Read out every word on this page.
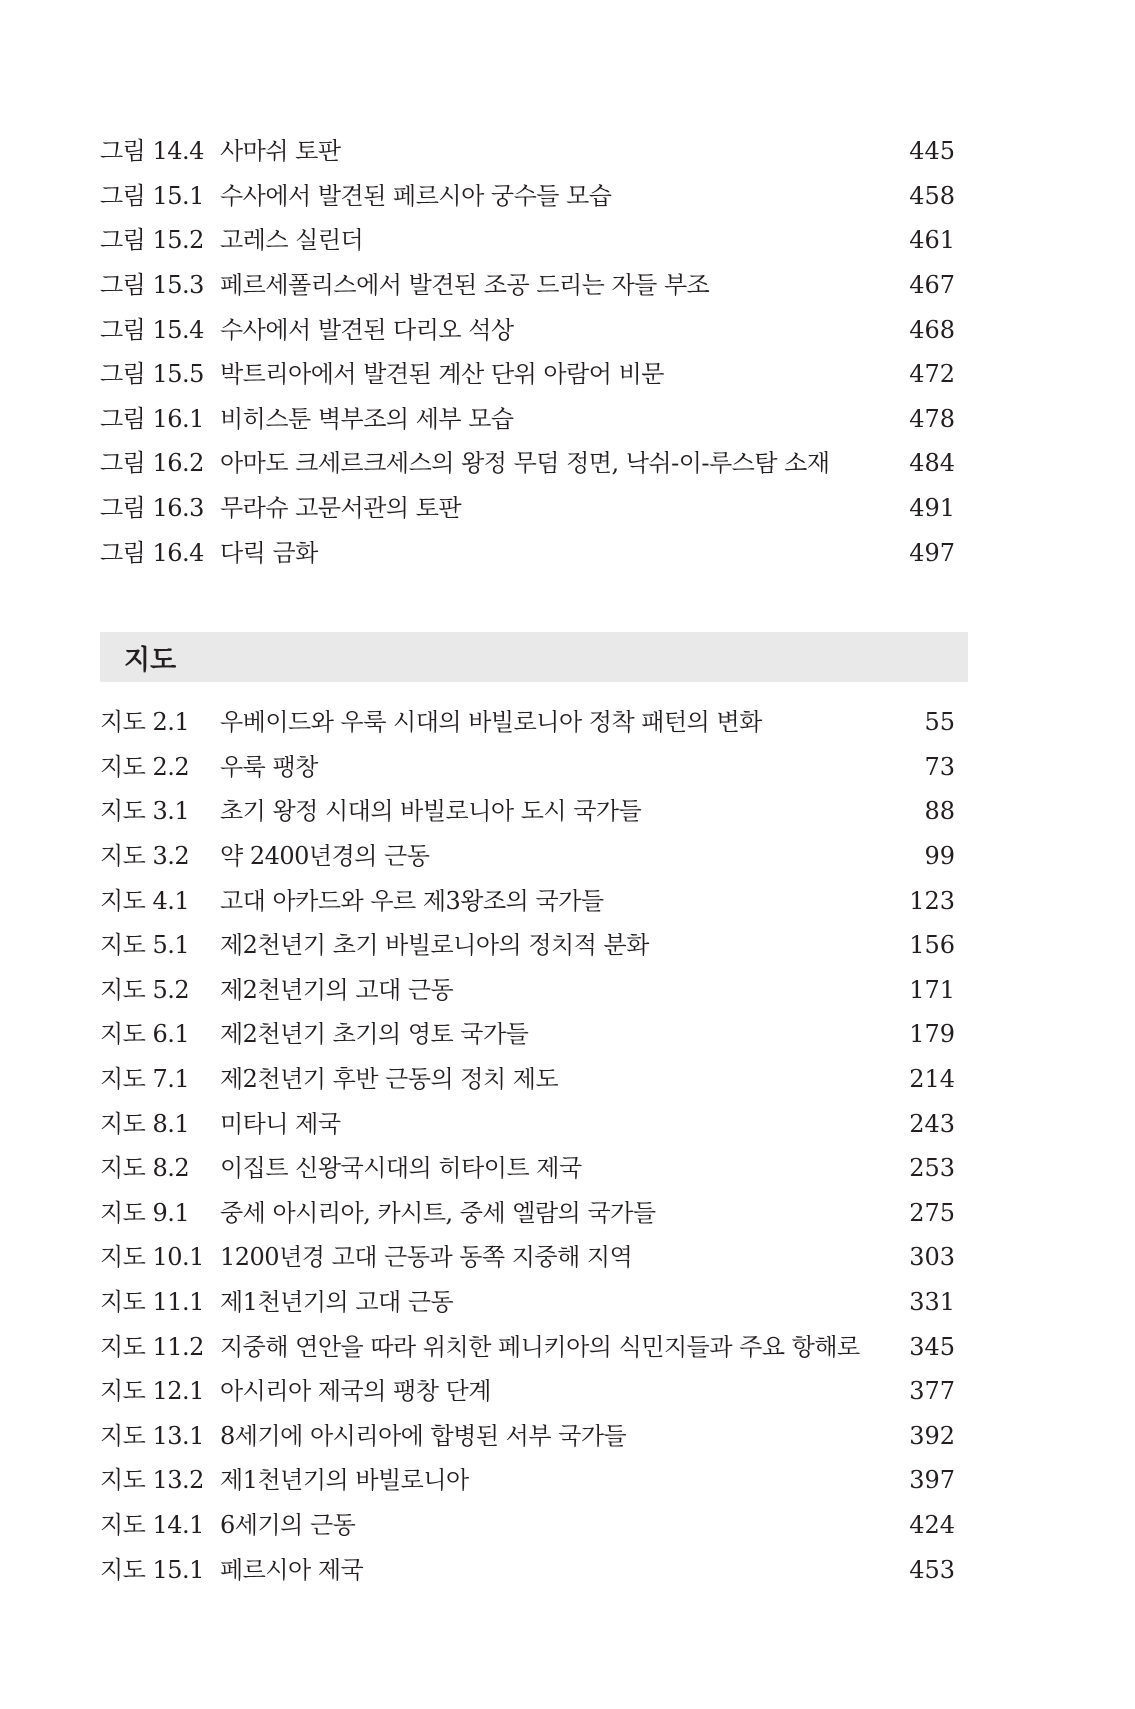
그림 14.4 사마쉬 토판	445
그림 15.1 수사에서 발견된 페르시아 궁수들 모습	458
그림 15.2 고레스 실린더	461
그림 15.3 페르세폴리스에서 발견된 조공 드리는 자들 부조	467
그림 15.4 수사에서 발견된 다리오 석상	468
그림 15.5 박트리아에서 발견된 계산 단위 아람어 비문	472
그림 16.1 비히스툰 벽부조의 세부 모습	478
그림 16.2 아마도 크세르크세스의 왕정 무덤 정면, 낙쉬-이-루스탐 소재	484
그림 16.3 무라슈 고문서관의 토판	491
그림 16.4 다릭 금화	497
지도
지도 2.1	우베이드와 우룩 시대의 바빌로니아 정착 패턴의 변화	55
지도 2.2	우룩 팽창	73
지도 3.1	초기 왕정 시대의 바빌로니아 도시 국가들	88
지도 3.2	약 2400년경의 근동	99
지도 4.1	고대 아카드와 우르 제3왕조의 국가들	123
지도 5.1	제2천년기 초기 바빌로니아의 정치적 분화	156
지도 5.2	제2천년기의 고대 근동	171
지도 6.1	제2천년기 초기의 영토 국가들	179
지도 7.1	제2천년기 후반 근동의 정치 제도	214
지도 8.1	미타니 제국	243
지도 8.2	이집트 신왕국시대의 히타이트 제국	253
지도 9.1	중세 아시리아, 카시트, 중세 엘람의 국가들	275
지도 10.1 1200년경 고대 근동과 동쪽 지중해 지역	303
지도 11.1 제1천년기의 고대 근동	331
지도 11.2 지중해 연안을 따라 위치한 페니키아의 식민지들과 주요 항해로	345
지도 12.1 아시리아 제국의 팽창 단계	377
지도 13.1 8세기에 아시리아에 합병된 서부 국가들	392
지도 13.2 제1천년기의 바빌로니아	397
지도 14.1 6세기의 근동	424
지도 15.1 페르시아 제국	453
